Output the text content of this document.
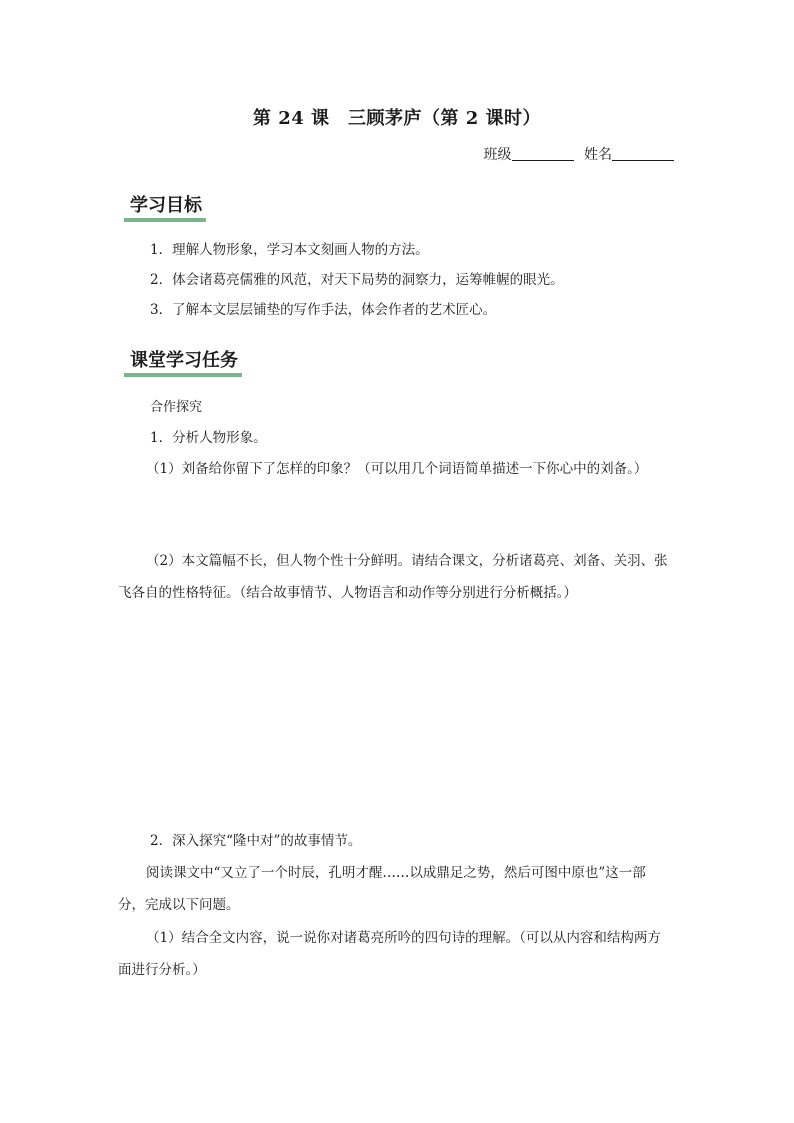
第 24 课　三顾茅庐（第 2 课时）
班级	姓名
学习目标
1．理解人物形象，学习本文刻画人物的方法。
2．体会诸葛亮儒雅的风范，对天下局势的洞察力，运筹帷幄的眼光。
3．了解本文层层铺垫的写作手法，体会作者的艺术匠心。
课堂学习任务
合作探究
1．分析人物形象。
（1）刘备给你留下了怎样的印象？（可以用几个词语简单描述一下你心中的刘备。）
（2）本文篇幅不长，但人物个性十分鲜明。请结合课文，分析诸葛亮、刘备、关羽、张
飞各自的性格特征。（结合故事情节、人物语言和动作等分别进行分析概括。）
2．深入探究“隆中对”的故事情节。
阅读课文中“又立了一个时辰，孔明才醒……以成鼎足之势，然后可图中原也”这一部
分，完成以下问题。
（1）结合全文内容，说一说你对诸葛亮所吟的四句诗的理解。（可以从内容和结构两方
面进行分析。）
